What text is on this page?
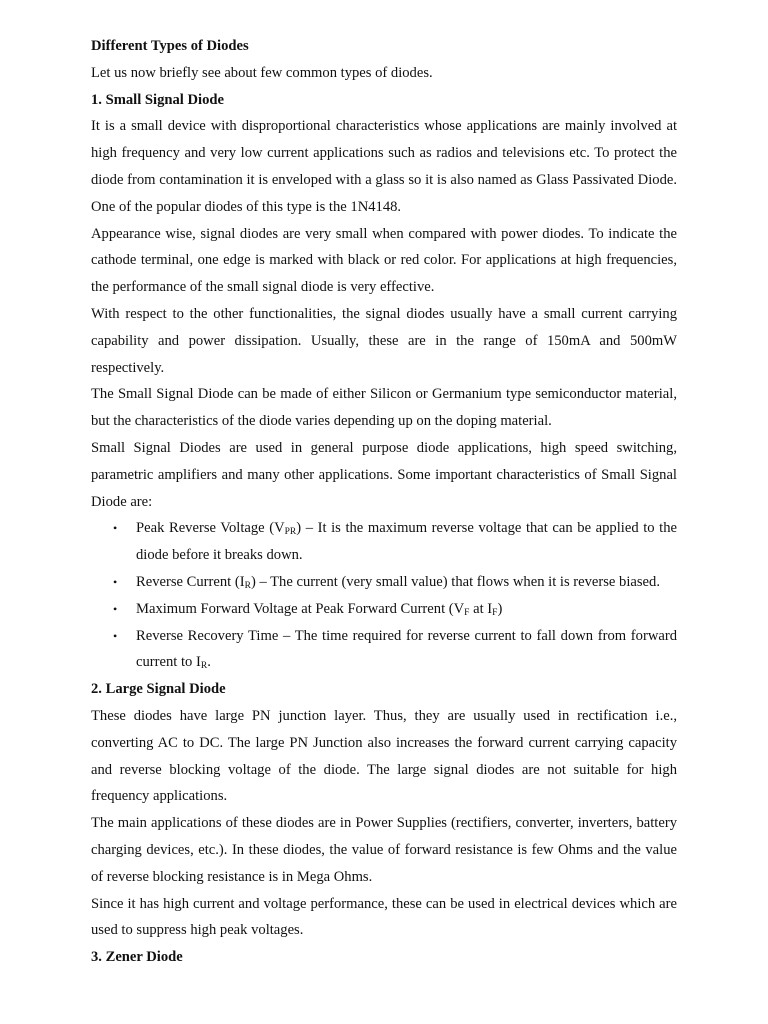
Different Types of Diodes

Let us now briefly see about few common types of diodes.

1. Small Signal Diode

It is a small device with disproportional characteristics whose applications are mainly involved at high frequency and very low current applications such as radios and televisions etc. To protect the diode from contamination it is enveloped with a glass so it is also named as Glass Passivated Diode. One of the popular diodes of this type is the 1N4148.

Appearance wise, signal diodes are very small when compared with power diodes. To indicate the cathode terminal, one edge is marked with black or red color. For applications at high frequencies, the performance of the small signal diode is very effective.

With respect to the other functionalities, the signal diodes usually have a small current carrying capability and power dissipation. Usually, these are in the range of 150mA and 500mW respectively.

The Small Signal Diode can be made of either Silicon or Germanium type semiconductor material, but the characteristics of the diode varies depending up on the doping material.

Small Signal Diodes are used in general purpose diode applications, high speed switching, parametric amplifiers and many other applications. Some important characteristics of Small Signal Diode are:

• Peak Reverse Voltage $(V_{PR})$ – It is the maximum reverse voltage that can be applied to the diode before it breaks down.
• Reverse Current $(I_R)$ – The current (very small value) that flows when it is reverse biased.
• Maximum Forward Voltage at Peak Forward Current ($V_F$ at $I_F$)
• Reverse Recovery Time – The time required for reverse current to fall down from forward current to $I_R$.

2. Large Signal Diode

These diodes have large PN junction layer. Thus, they are usually used in rectification i.e., converting AC to DC. The large PN Junction also increases the forward current carrying capacity and reverse blocking voltage of the diode. The large signal diodes are not suitable for high frequency applications.

The main applications of these diodes are in Power Supplies (rectifiers, converter, inverters, battery charging devices, etc.). In these diodes, the value of forward resistance is few Ohms and the value of reverse blocking resistance is in Mega Ohms.

Since it has high current and voltage performance, these can be used in electrical devices which are used to suppress high peak voltages.

3. Zener Diode
